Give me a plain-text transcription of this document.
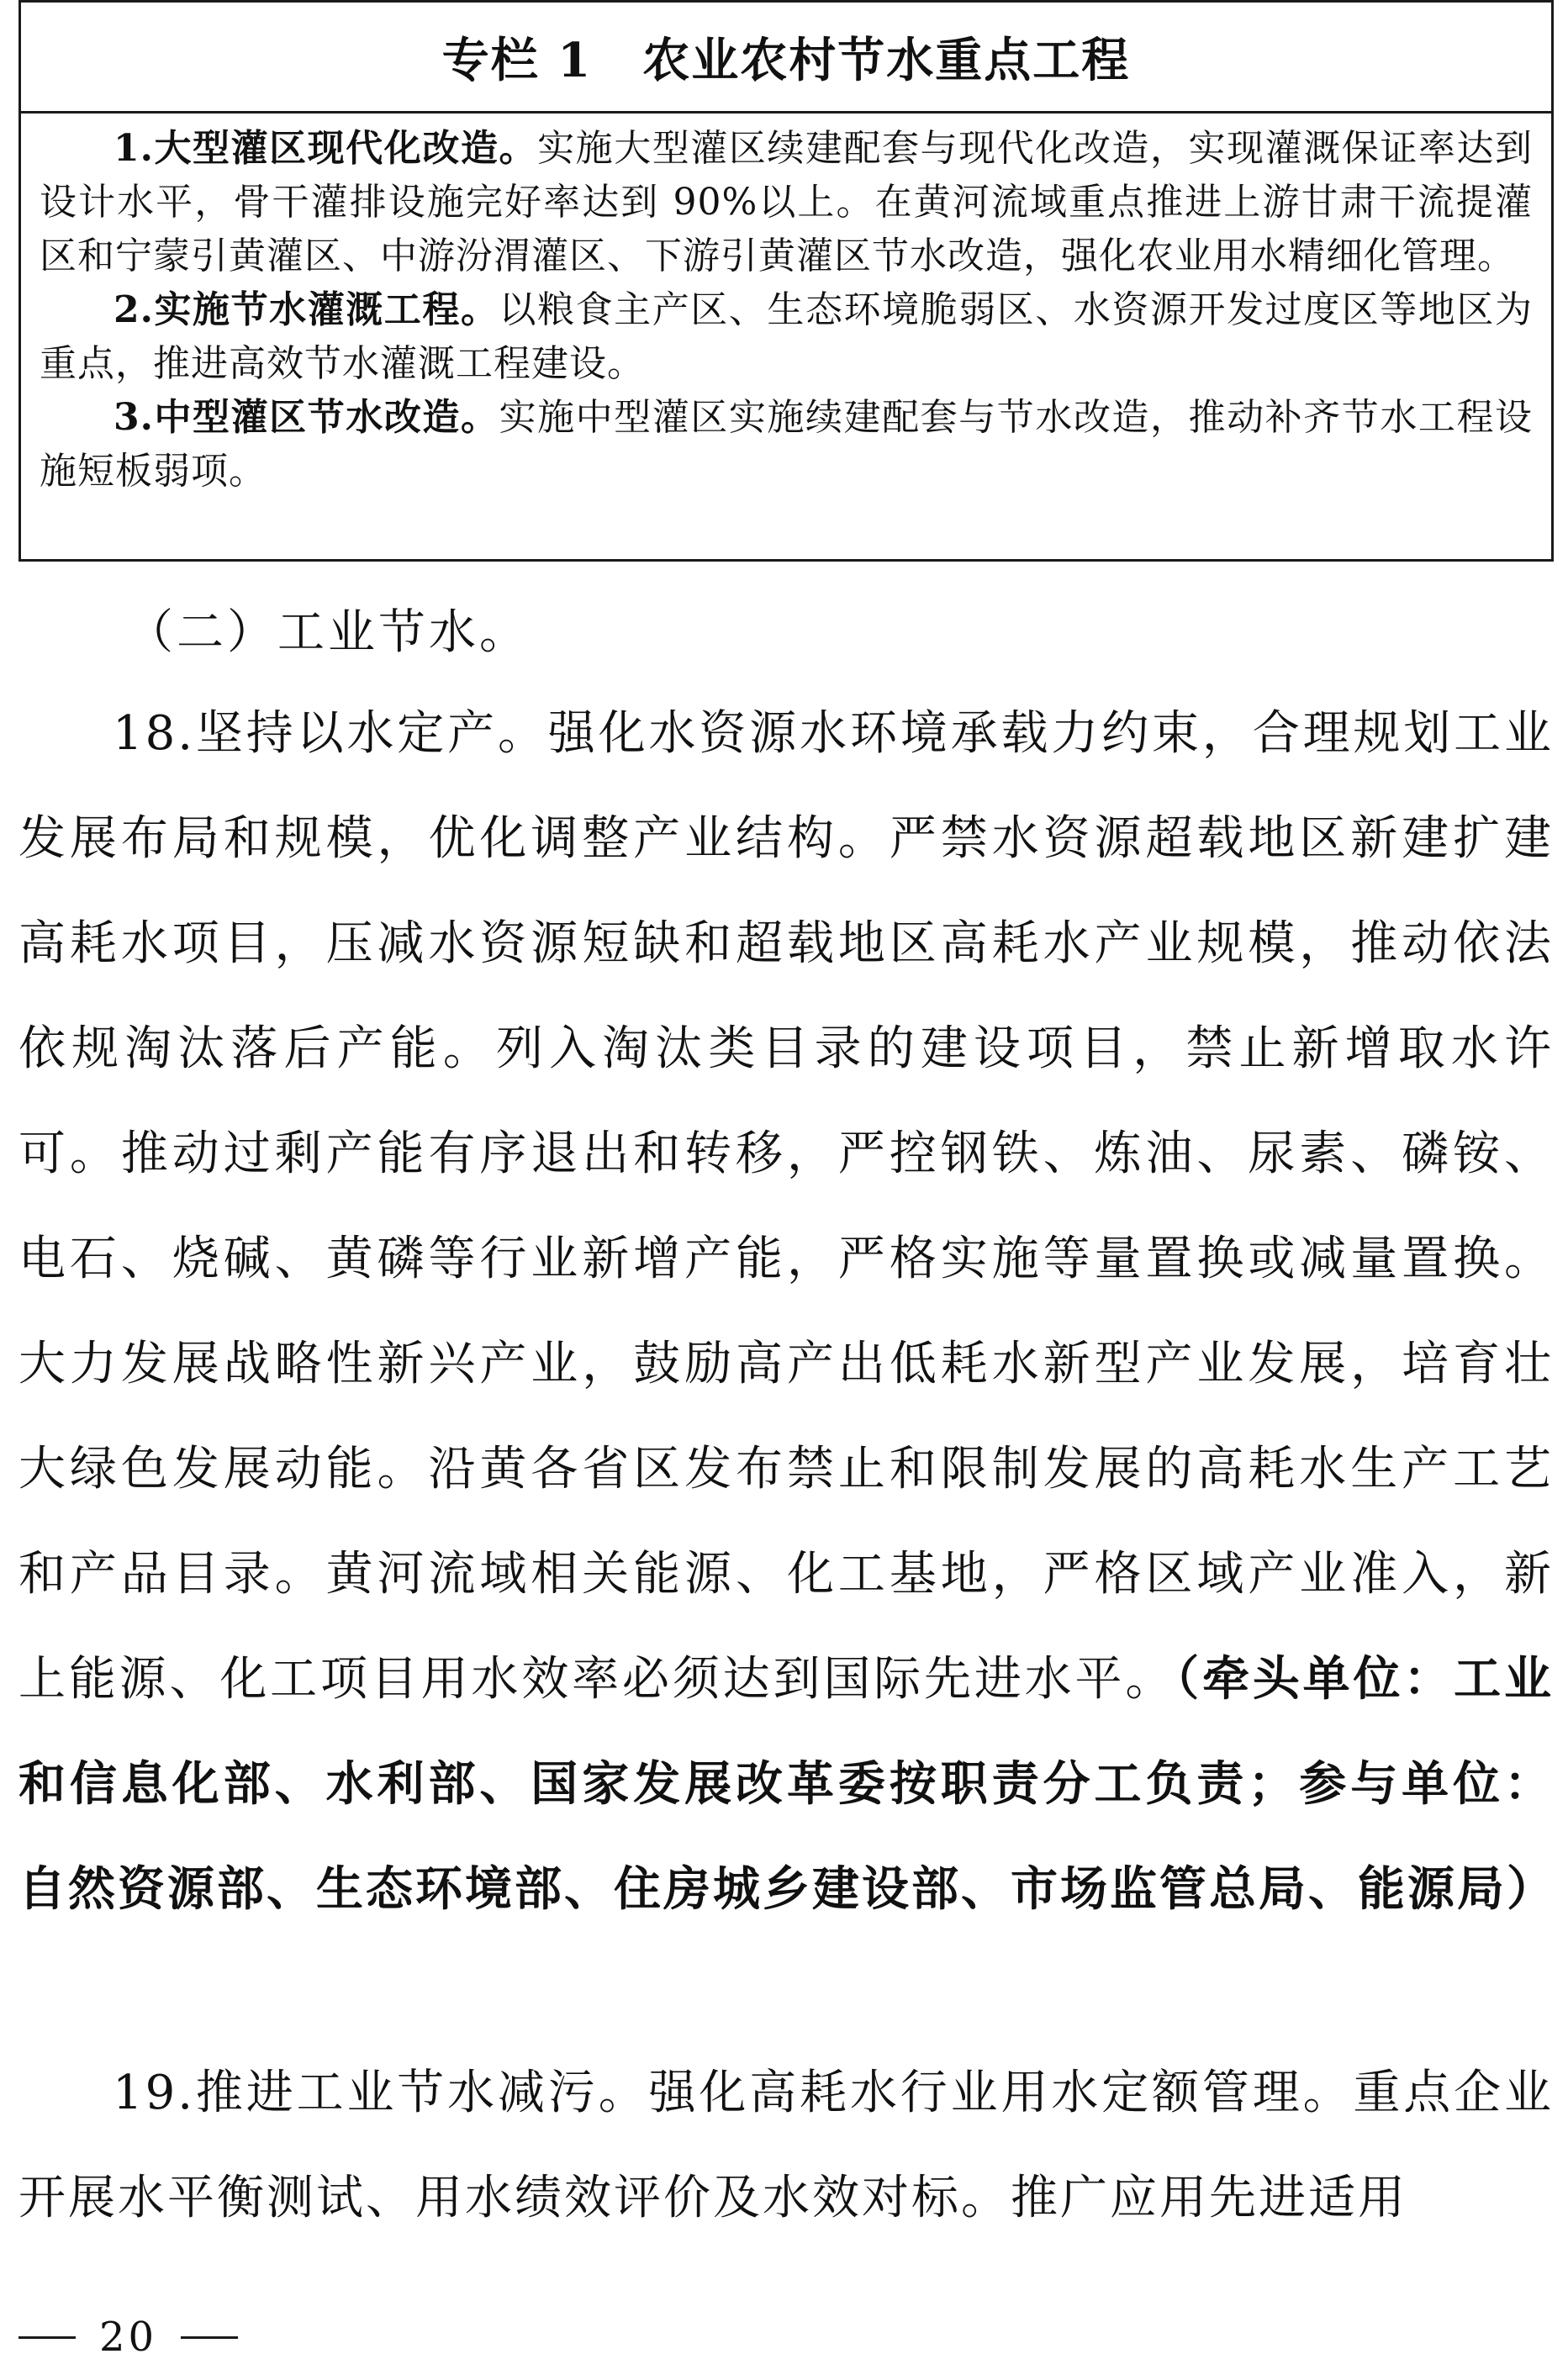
专栏 1 农业农村节水重点工程

1.大型灌区现代化改造。实施大型灌区续建配套与现代化改造，实现灌溉保证率达到设计水平，骨干灌排设施完好率达到 90%以上。在黄河流域重点推进上游甘肃干流提灌区和宁蒙引黄灌区、中游汾渭灌区、下游引黄灌区节水改造，强化农业用水精细化管理。

2.实施节水灌溉工程。以粮食主产区、生态环境脆弱区、水资源开发过度区等地区为重点，推进高效节水灌溉工程建设。

3.中型灌区节水改造。实施中型灌区实施续建配套与节水改造，推动补齐节水工程设施短板弱项。

（二）工业节水。

18.坚持以水定产。强化水资源水环境承载力约束，合理规划工业发展布局和规模，优化调整产业结构。严禁水资源超载地区新建扩建高耗水项目，压减水资源短缺和超载地区高耗水产业规模，推动依法依规淘汰落后产能。列入淘汰类目录的建设项目，禁止新增取水许可。推动过剩产能有序退出和转移，严控钢铁、炼油、尿素、磷铵、电石、烧碱、黄磷等行业新增产能，严格实施等量置换或减量置换。大力发展战略性新兴产业，鼓励高产出低耗水新型产业发展，培育壮大绿色发展动能。沿黄各省区发布禁止和限制发展的高耗水生产工艺和产品目录。黄河流域相关能源、化工基地，严格区域产业准入，新上能源、化工项目用水效率必须达到国际先进水平。（牵头单位：工业和信息化部、水利部、国家发展改革委按职责分工负责；参与单位：自然资源部、生态环境部、住房城乡建设部、市场监管总局、能源局）

19.推进工业节水减污。强化高耗水行业用水定额管理。重点企业开展水平衡测试、用水绩效评价及水效对标。推广应用先进适用

20
